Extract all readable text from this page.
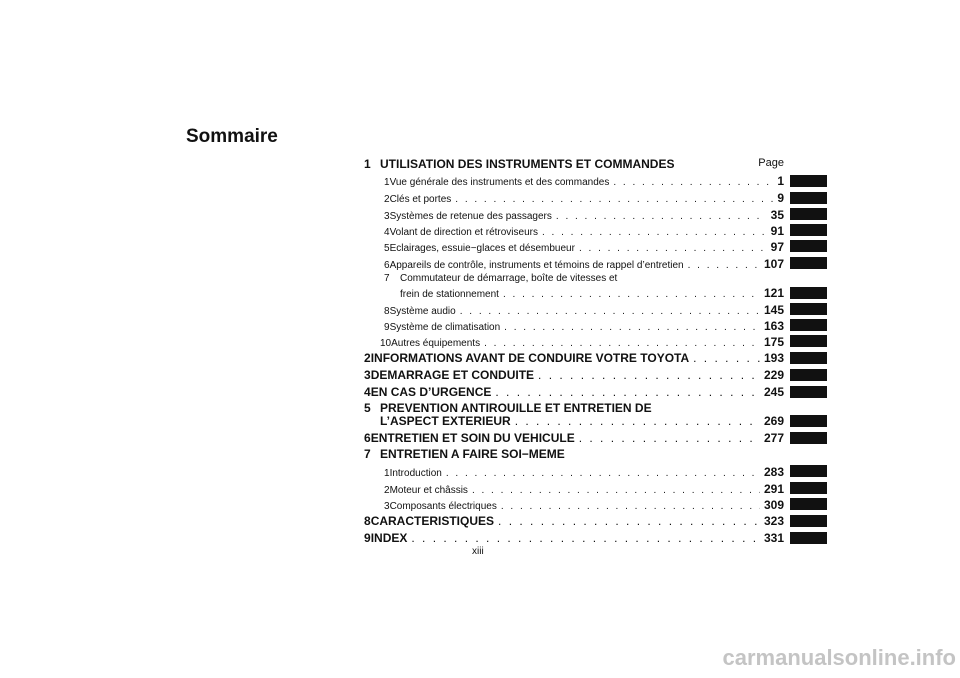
Sommaire
Page
1 UTILISATION DES INSTRUMENTS ET COMMANDES
1 Vue générale des instruments et des commandes . . .	1
2 Clés et portes . . .	9
3 Systèmes de retenue des passagers . . .	35
4 Volant de direction et rétroviseurs . . .	91
5 Eclairages, essuie−glaces et désembueur . . .	97
6 Appareils de contrôle, instruments et témoins de rappel d’entretien . . .	107
7 Commutateur de démarrage, boîte de vitesses et
frein de stationnement . . .	121
8 Système audio . . .	145
9 Système de climatisation . . .	163
10 Autres équipements . . .	175
2 INFORMATIONS AVANT DE CONDUIRE VOTRE TOYOTA . . .	193
3 DEMARRAGE ET CONDUITE . . .	229
4 EN CAS D’URGENCE . . .	245
5 PREVENTION ANTIROUILLE ET ENTRETIEN DE
L’ASPECT EXTERIEUR . . .	269
6 ENTRETIEN ET SOIN DU VEHICULE . . .	277
7 ENTRETIEN A FAIRE SOI−MEME
1 Introduction . . .	283
2 Moteur et châssis . . .	291
3 Composants électriques . . .	309
8 CARACTERISTIQUES . . .	323
9 INDEX . . .	331
xiii
carmanualsonline.info
